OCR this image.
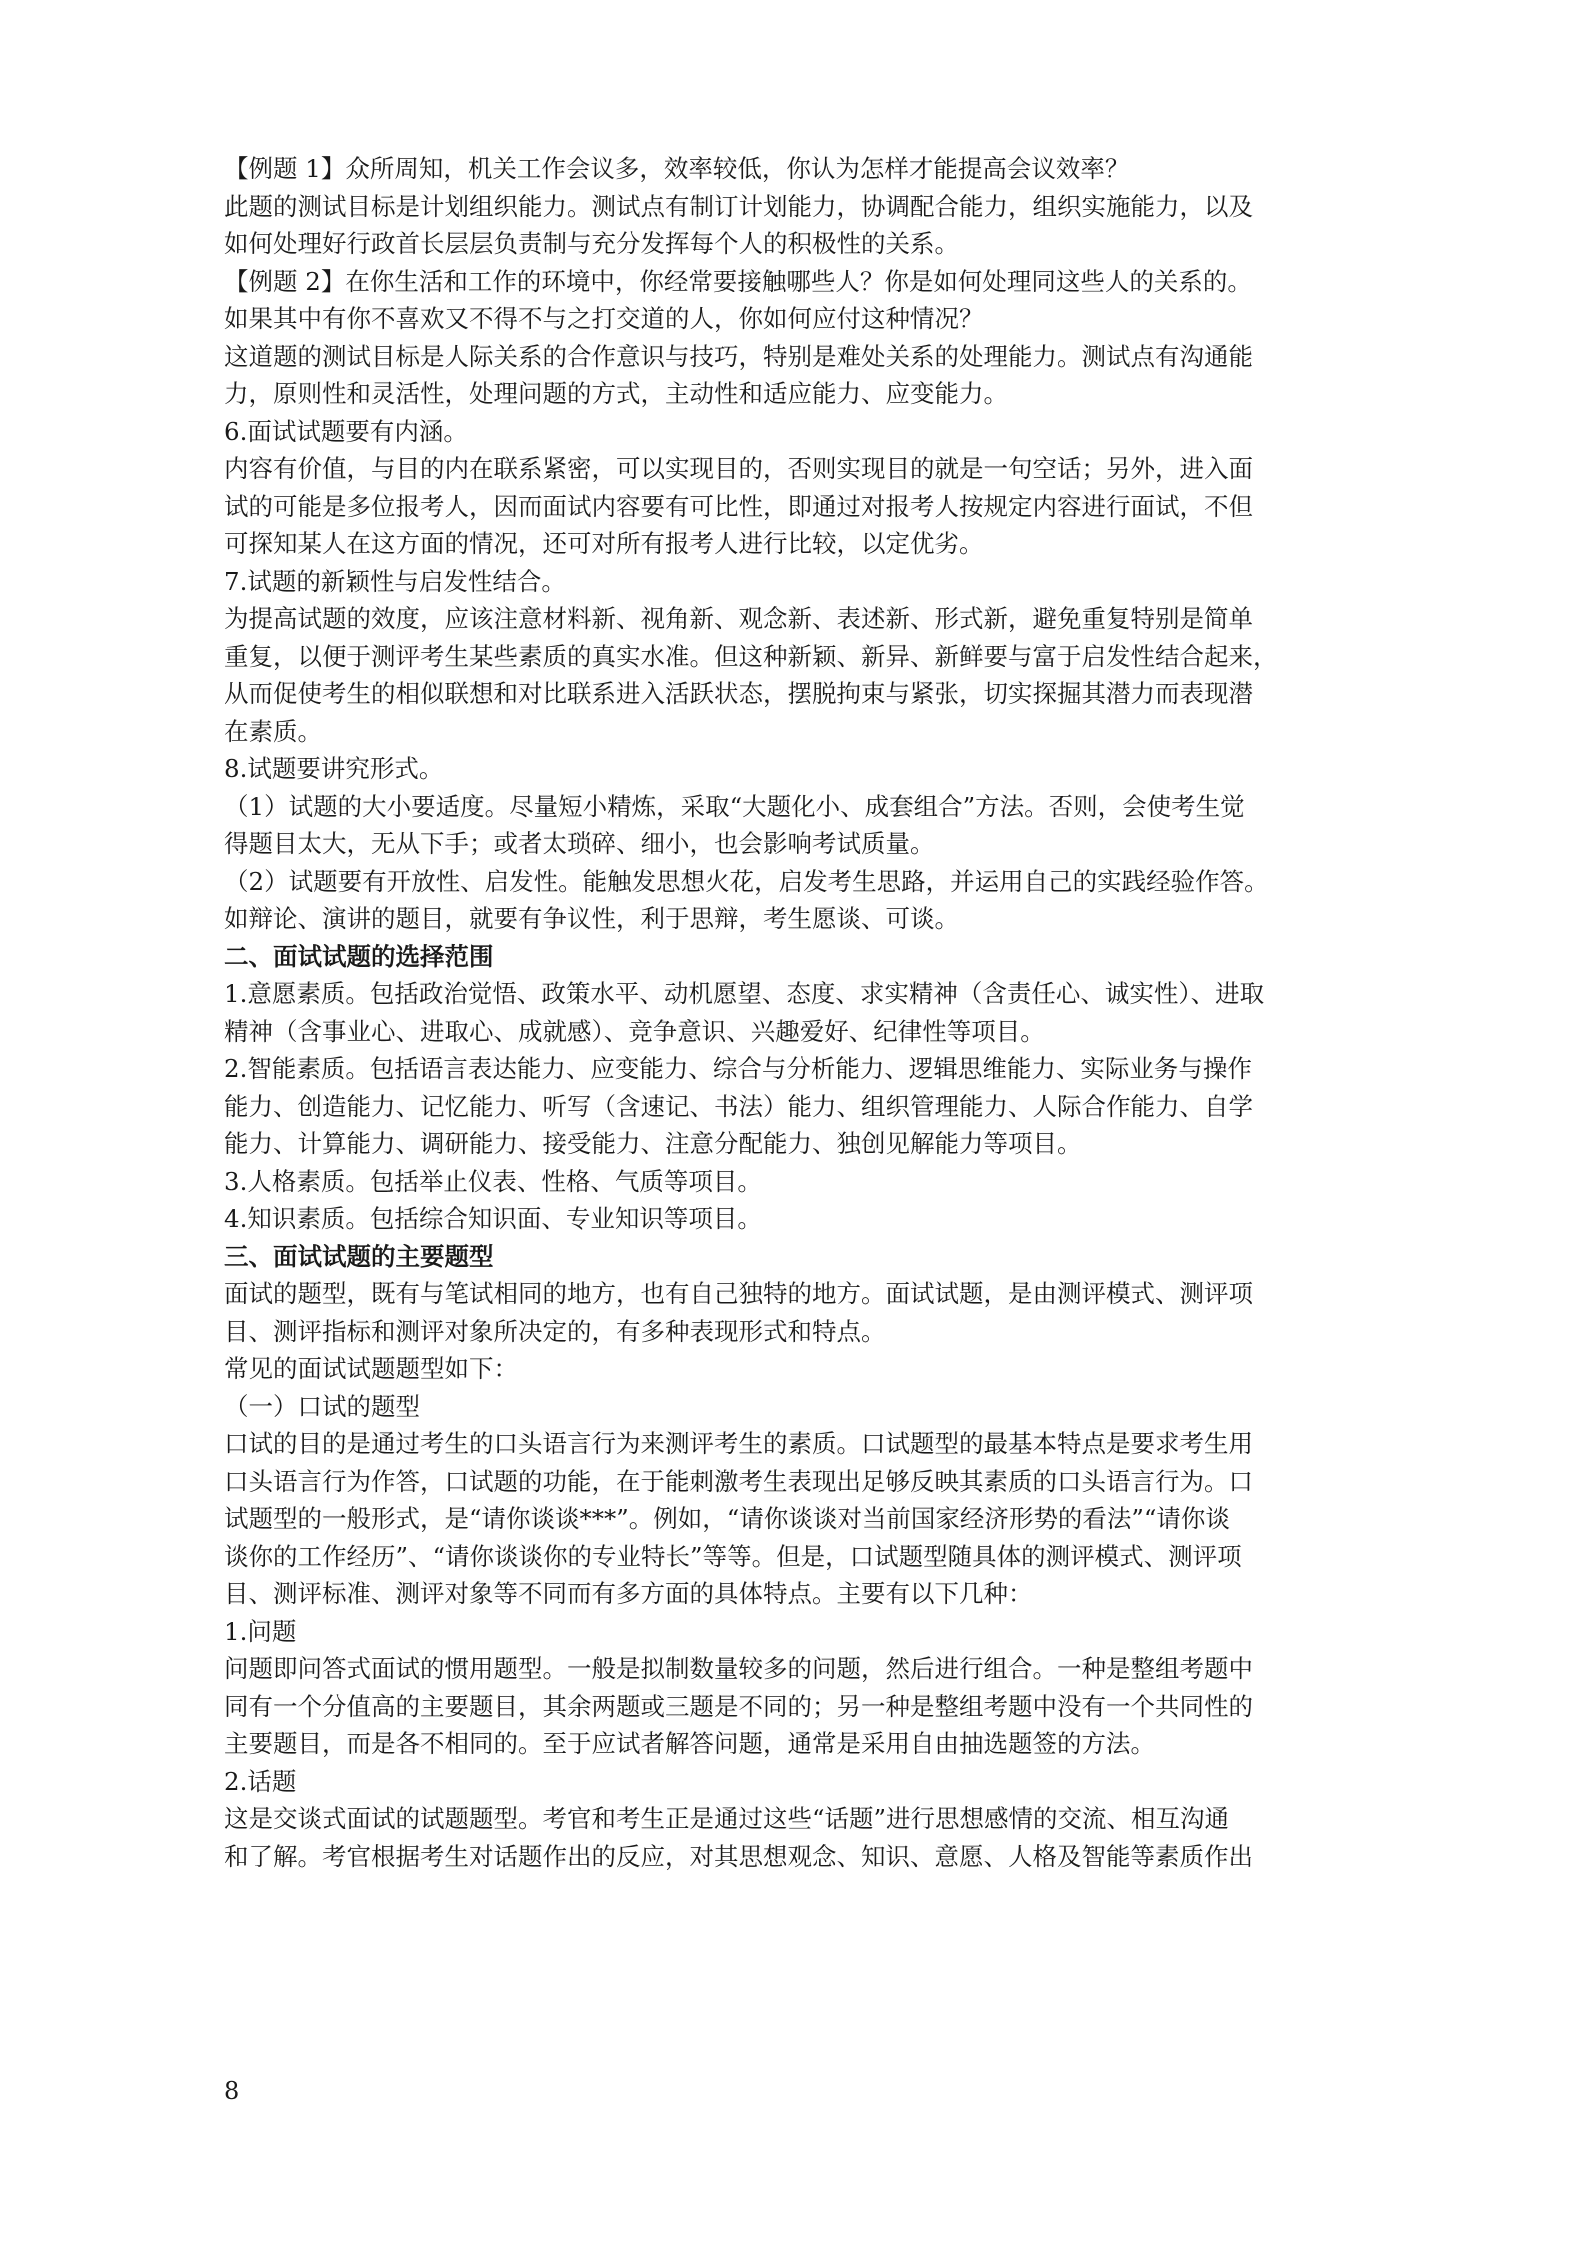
【例题 1】众所周知，机关工作会议多，效率较低，你认为怎样才能提高会议效率？
此题的测试目标是计划组织能力。测试点有制订计划能力，协调配合能力，组织实施能力，以及
如何处理好行政首长层层负责制与充分发挥每个人的积极性的关系。
【例题 2】在你生活和工作的环境中，你经常要接触哪些人？你是如何处理同这些人的关系的。
如果其中有你不喜欢又不得不与之打交道的人，你如何应付这种情况？
这道题的测试目标是人际关系的合作意识与技巧，特别是难处关系的处理能力。测试点有沟通能
力，原则性和灵活性，处理问题的方式，主动性和适应能力、应变能力。
6.面试试题要有内涵。
内容有价值，与目的内在联系紧密，可以实现目的，否则实现目的就是一句空话；另外，进入面
试的可能是多位报考人，因而面试内容要有可比性，即通过对报考人按规定内容进行面试，不但
可探知某人在这方面的情况，还可对所有报考人进行比较，以定优劣。
7.试题的新颖性与启发性结合。
为提高试题的效度，应该注意材料新、视角新、观念新、表述新、形式新，避免重复特别是简单
重复，以便于测评考生某些素质的真实水准。但这种新颖、新异、新鲜要与富于启发性结合起来，
从而促使考生的相似联想和对比联系进入活跃状态，摆脱拘束与紧张，切实探掘其潜力而表现潜
在素质。
8.试题要讲究形式。
（1）试题的大小要适度。尽量短小精炼，采取“大题化小、成套组合”方法。否则，会使考生觉
得题目太大，无从下手；或者太琐碎、细小，也会影响考试质量。
（2）试题要有开放性、启发性。能触发思想火花，启发考生思路，并运用自己的实践经验作答。
如辩论、演讲的题目，就要有争议性，利于思辩，考生愿谈、可谈。
二、面试试题的选择范围
1.意愿素质。包括政治觉悟、政策水平、动机愿望、态度、求实精神（含责任心、诚实性）、进取
精神（含事业心、进取心、成就感）、竞争意识、兴趣爱好、纪律性等项目。
2.智能素质。包括语言表达能力、应变能力、综合与分析能力、逻辑思维能力、实际业务与操作
能力、创造能力、记忆能力、听写（含速记、书法）能力、组织管理能力、人际合作能力、自学
能力、计算能力、调研能力、接受能力、注意分配能力、独创见解能力等项目。
3.人格素质。包括举止仪表、性格、气质等项目。
4.知识素质。包括综合知识面、专业知识等项目。
三、面试试题的主要题型
面试的题型，既有与笔试相同的地方，也有自己独特的地方。面试试题，是由测评模式、测评项
目、测评指标和测评对象所决定的，有多种表现形式和特点。
常见的面试试题题型如下：
（一）口试的题型
口试的目的是通过考生的口头语言行为来测评考生的素质。口试题型的最基本特点是要求考生用
口头语言行为作答，口试题的功能，在于能刺激考生表现出足够反映其素质的口头语言行为。口
试题型的一般形式，是“请你谈谈***”。例如，“请你谈谈对当前国家经济形势的看法”“请你谈
谈你的工作经历”、“请你谈谈你的专业特长”等等。但是，口试题型随具体的测评模式、测评项
目、测评标准、测评对象等不同而有多方面的具体特点。主要有以下几种：
1.问题
问题即问答式面试的惯用题型。一般是拟制数量较多的问题，然后进行组合。一种是整组考题中
同有一个分值高的主要题目，其余两题或三题是不同的；另一种是整组考题中没有一个共同性的
主要题目，而是各不相同的。至于应试者解答问题，通常是采用自由抽选题签的方法。
2.话题
这是交谈式面试的试题题型。考官和考生正是通过这些“话题”进行思想感情的交流、相互沟通
和了解。考官根据考生对话题作出的反应，对其思想观念、知识、意愿、人格及智能等素质作出
8
